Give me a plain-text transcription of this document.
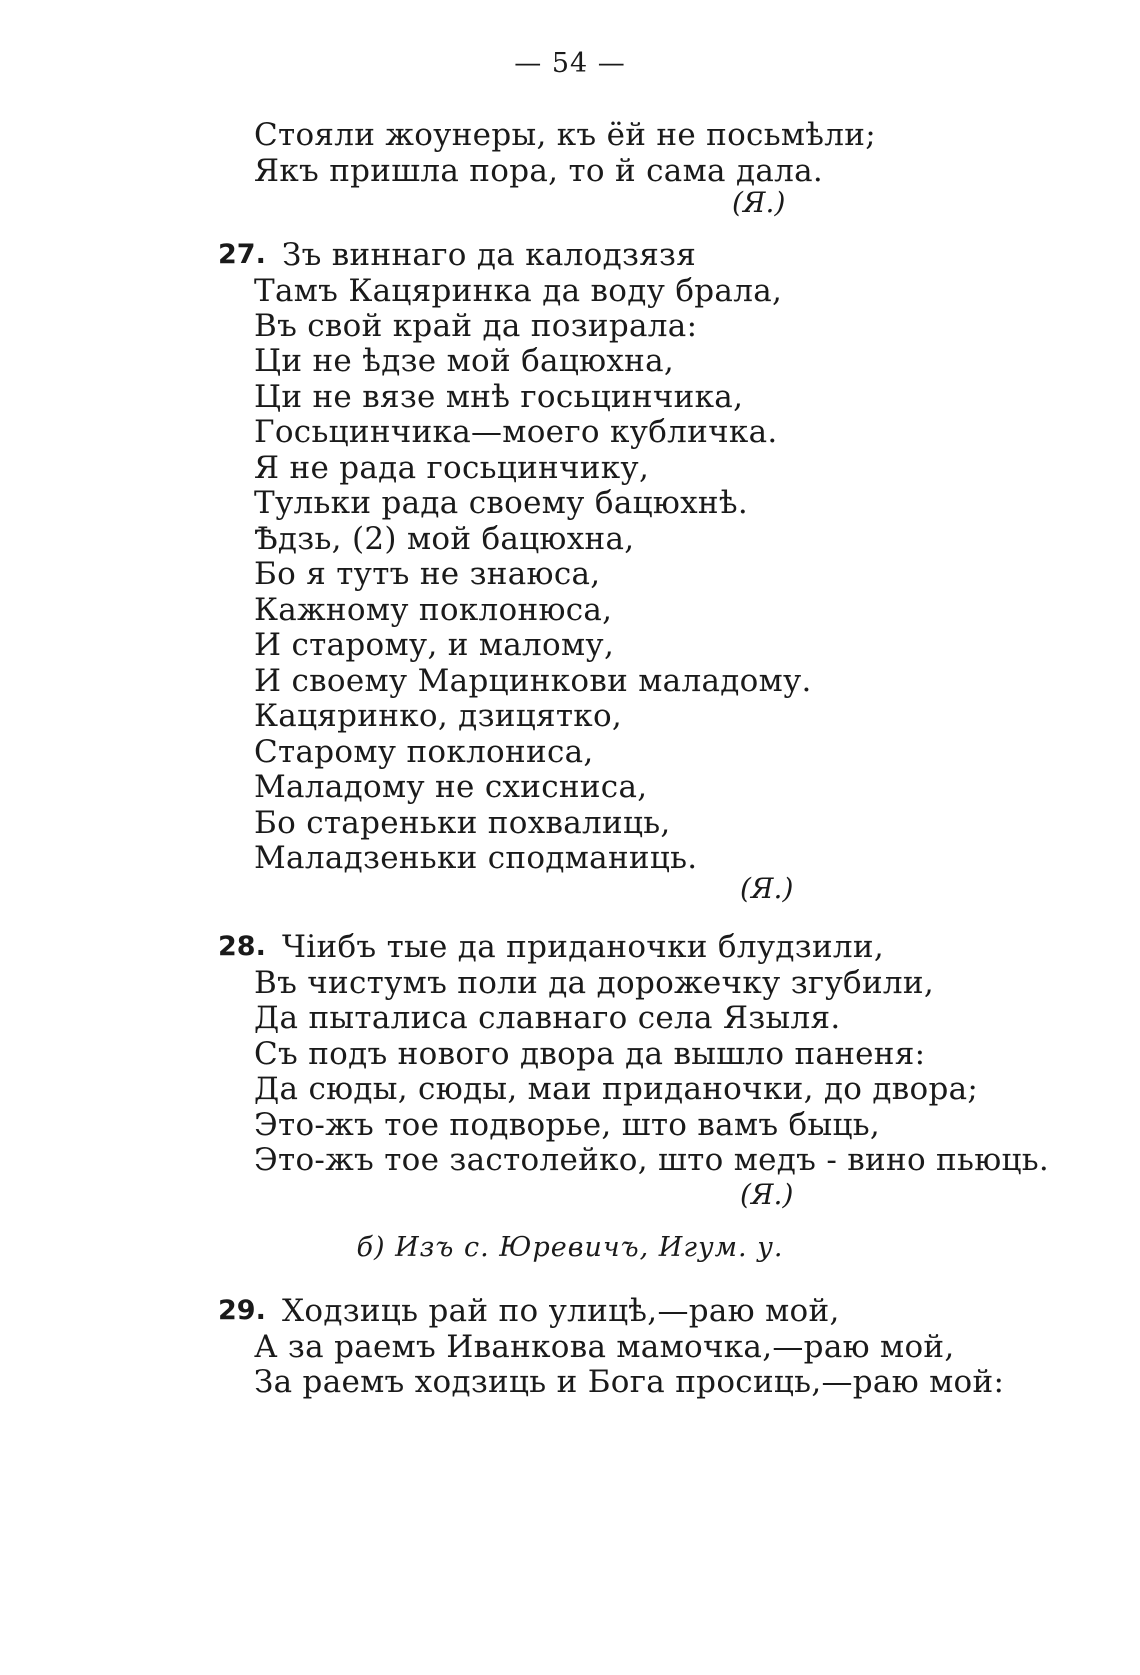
— 54 —
Стояли жоунеры, къ ёй не посьмѣли;
Якъ пришла пора, то й сама дала.
(Я.)
27. Зъ виннаго да калодзязя
Тамъ Кацяринка да воду брала,
Въ свой край да позирала:
Ци не ѣдзе мой бацюхна,
Ци не вязе мнѣ госьцинчика,
Госьцинчика—моего кубличка.
Я не рада госьцинчику,
Тульки рада своему бацюхнѣ.
Ѣдзь, (2) мой бацюхна,
Бо я тутъ не знаюса,
Кажному поклонюса,
И старому, и малому,
И своему Марцинкови маладому.
Кацяринко, дзицятко,
Старому поклониса,
Маладому не схисниса,
Бо стареньки похвалиць,
Маладзеньки сподманиць.
(Я.)
28. Чiибъ тые да приданочки блудзили,
Въ чистумъ поли да дорожечку згубили,
Да пыталиса славнаго села Языля.
Съ подъ нового двора да вышло паненя:
Да сюды, сюды, маи приданочки, до двора;
Это-жъ тое подворье, што вамъ быць,
Это-жъ тое застолейко, што медъ - вино пьюць.
(Я.)
б) Изъ с. Юревичъ, Игум. у.
29. Ходзиць рай по улицѣ,—раю мой,
А за раемъ Иванкова мамочка,—раю мой,
За раемъ ходзиць и Бога просиць,—раю мой:
